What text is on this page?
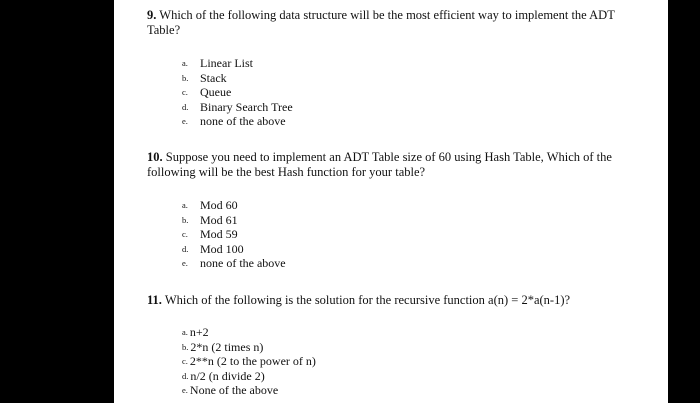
9. Which of the following data structure will be the most efficient way to implement the ADT Table?
a. Linear List
b. Stack
c. Queue
d. Binary Search Tree
e. none of the above
10. Suppose you need to implement an ADT Table size of 60 using Hash Table, Which of the following will be the best Hash function for your table?
a. Mod 60
b. Mod 61
c. Mod 59
d. Mod 100
e. none of the above
11. Which of the following is the solution for the recursive function a(n) = 2*a(n-1)?
a. n+2
b. 2*n (2 times n)
c. 2**n (2 to the power of n)
d. n/2 (n divide 2)
e. None of the above
